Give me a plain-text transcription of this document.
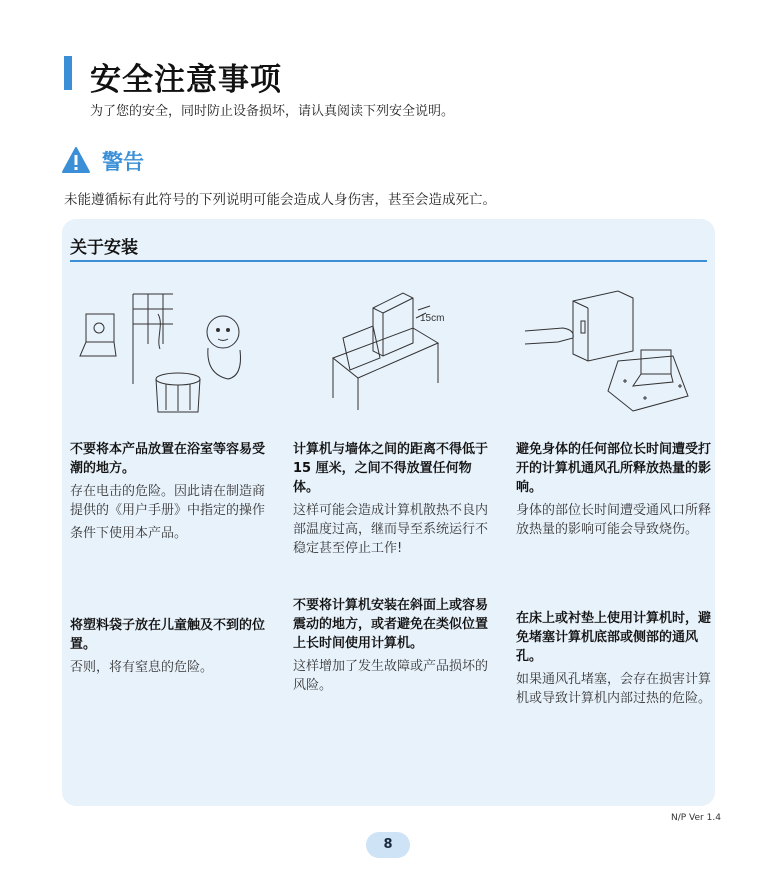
安全注意事项
为了您的安全，同时防止设备损坏，请认真阅读下列安全说明。
警告
未能遵循标有此符号的下列说明可能会造成人身伤害，甚至会造成死亡。
关于安装
15cm

不要将本产品放置在浴室等容易受潮的地方。

存在电击的危险。因此请在制造商提供的《用户手册》中指定的操作

条件下使用本产品。

计算机与墙体之间的距离不得低于 15 厘米，之间不得放置任何物体。

这样可能会造成计算机散热不良内部温度过高，继而导至系统运行不稳定甚至停止工作!

避免身体的任何部位长时间遭受打开的计算机通风孔所释放热量的影响。

身体的部位长时间遭受通风口所释放热量的影响可能会导致烧伤。

将塑料袋子放在儿童触及不到的位置。

否则，将有窒息的危险。

不要将计算机安装在斜面上或容易震动的地方，或者避免在类似位置上长时间使用计算机。

这样增加了发生故障或产品损坏的风险。

在床上或衬垫上使用计算机时，避免堵塞计算机底部或侧部的通风孔。

如果通风孔堵塞，会存在损害计算机或导致计算机内部过热的危险。

N/P Ver 1.4
8
